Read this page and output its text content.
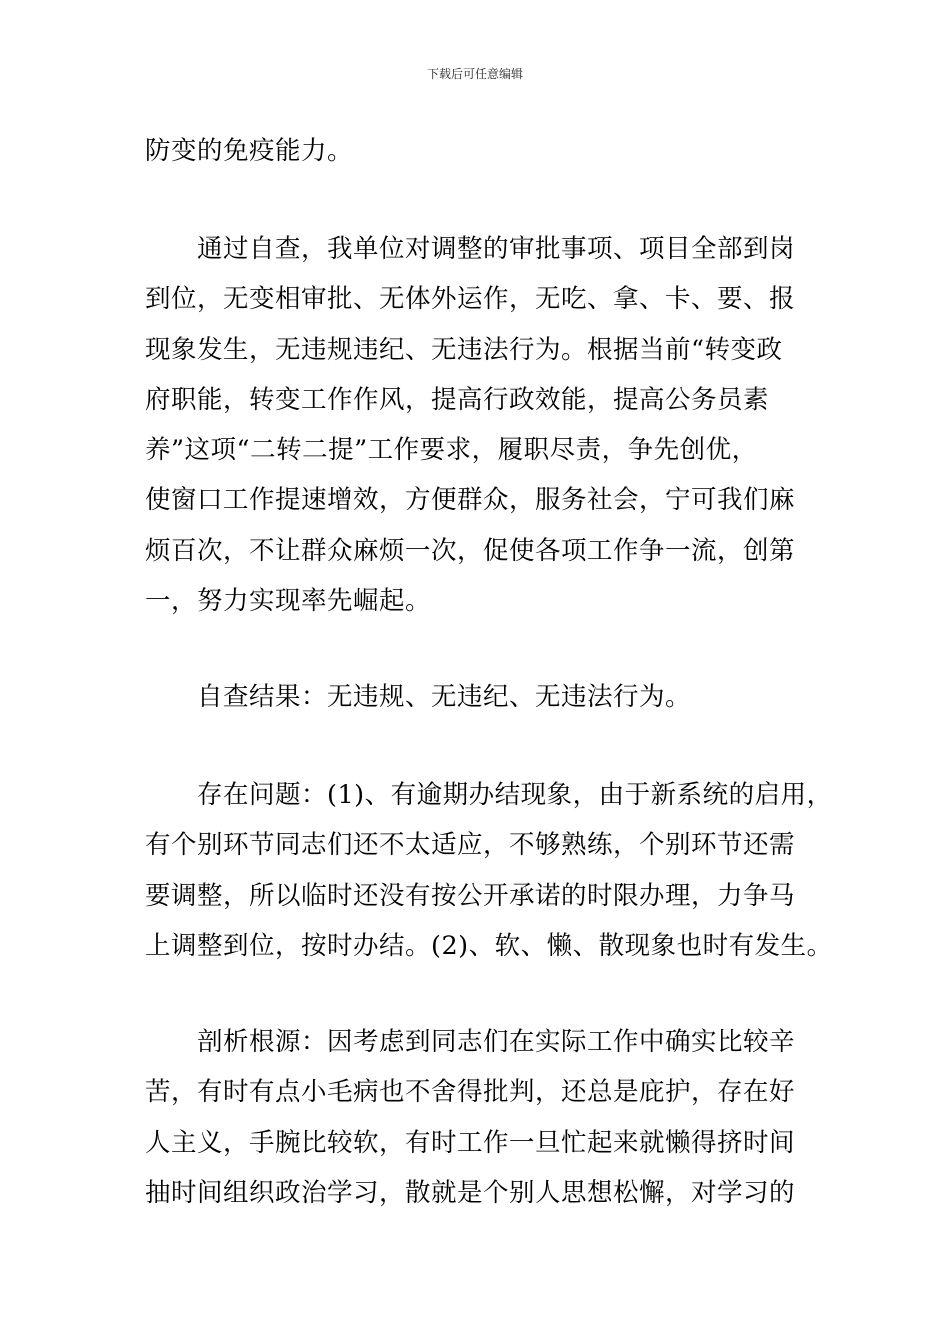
下载后可任意编辑
防变的免疫能力。
通过自查，我单位对调整的审批事项、项目全部到岗
到位，无变相审批、无体外运作，无吃、拿、卡、要、报
现象发生，无违规违纪、无违法行为。根据当前“转变政
府职能，转变工作作风，提高行政效能，提高公务员素
养”这项“二转二提”工作要求，履职尽责，争先创优，
使窗口工作提速增效，方便群众，服务社会，宁可我们麻
烦百次，不让群众麻烦一次，促使各项工作争一流，创第
一，努力实现率先崛起。
自查结果：无违规、无违纪、无违法行为。
存在问题：(1)、有逾期办结现象，由于新系统的启用，
有个别环节同志们还不太适应，不够熟练，个别环节还需
要调整，所以临时还没有按公开承诺的时限办理，力争马
上调整到位，按时办结。(2)、软、懒、散现象也时有发生。
剖析根源：因考虑到同志们在实际工作中确实比较辛
苦，有时有点小毛病也不舍得批判，还总是庇护，存在好
人主义，手腕比较软，有时工作一旦忙起来就懒得挤时间
抽时间组织政治学习，散就是个别人思想松懈，对学习的
